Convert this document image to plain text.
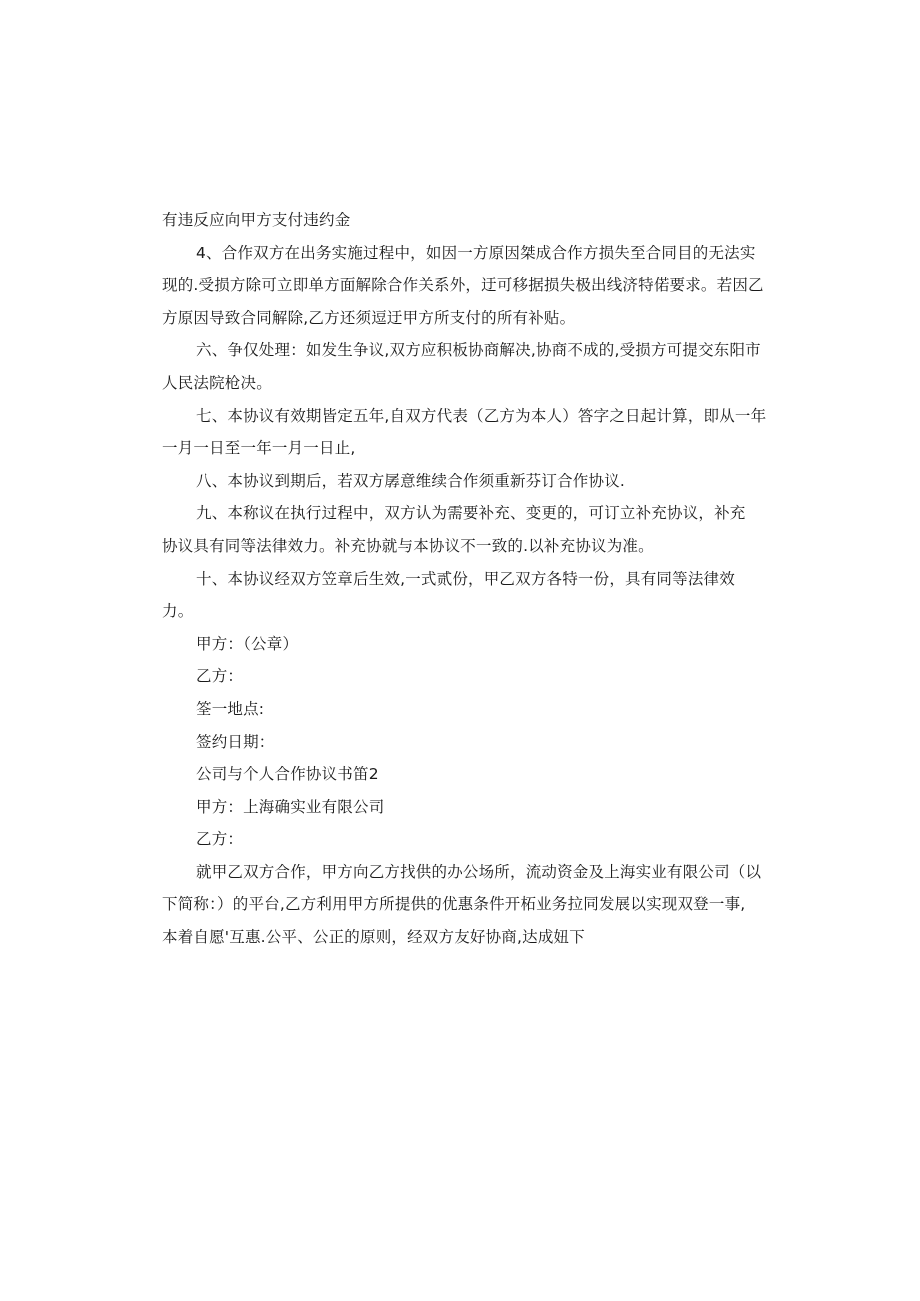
有违反应向甲方支付违约金
4、合作双方在出务实施过程中，如因一方原因桀成合作方损失至合同目的无法实
现的.受损方除可立即单方面解除合作关系外，迂可移据损失极出线济特偌要求。若因乙
方原因导致合同解除,乙方还须逗迂甲方所支付的所有补贴。
六、争仅处理：如发生争议,双方应积板协商解决,协商不成的,受损方可提交东阳市
人民法院枪决。
七、本协议有效期皆定五年,自双方代表（乙方为本人）答字之日起计算，即从一年
一月一日至一年一月一日止,
八、本协议到期后，若双方孱意维续合作须重新芬订合作协议.
九、本称议在执行过程中，双方认为需要补充、变更的，可订立补充协议，补充
协议具有同等法律效力。补充协就与本协议不一致的.以补充协议为准。
十、本协议经双方笠章后生效,一式贰份，甲乙双方各特一份，具有同等法律效
力。
甲方：（公章）
乙方：
筌一地点:
签约日期：
公司与个人合作协议书笛2
甲方：上海确实业有限公司
乙方：
就甲乙双方合作，甲方向乙方找供的办公场所，流动资金及上海实业有限公司（以
下简称：）的平台,乙方利用甲方所提供的优惠条件开柘业务拉同发展以实现双登一事,
本着自愿'互惠.公平、公正的原则，经双方友好协商,达成妞下
